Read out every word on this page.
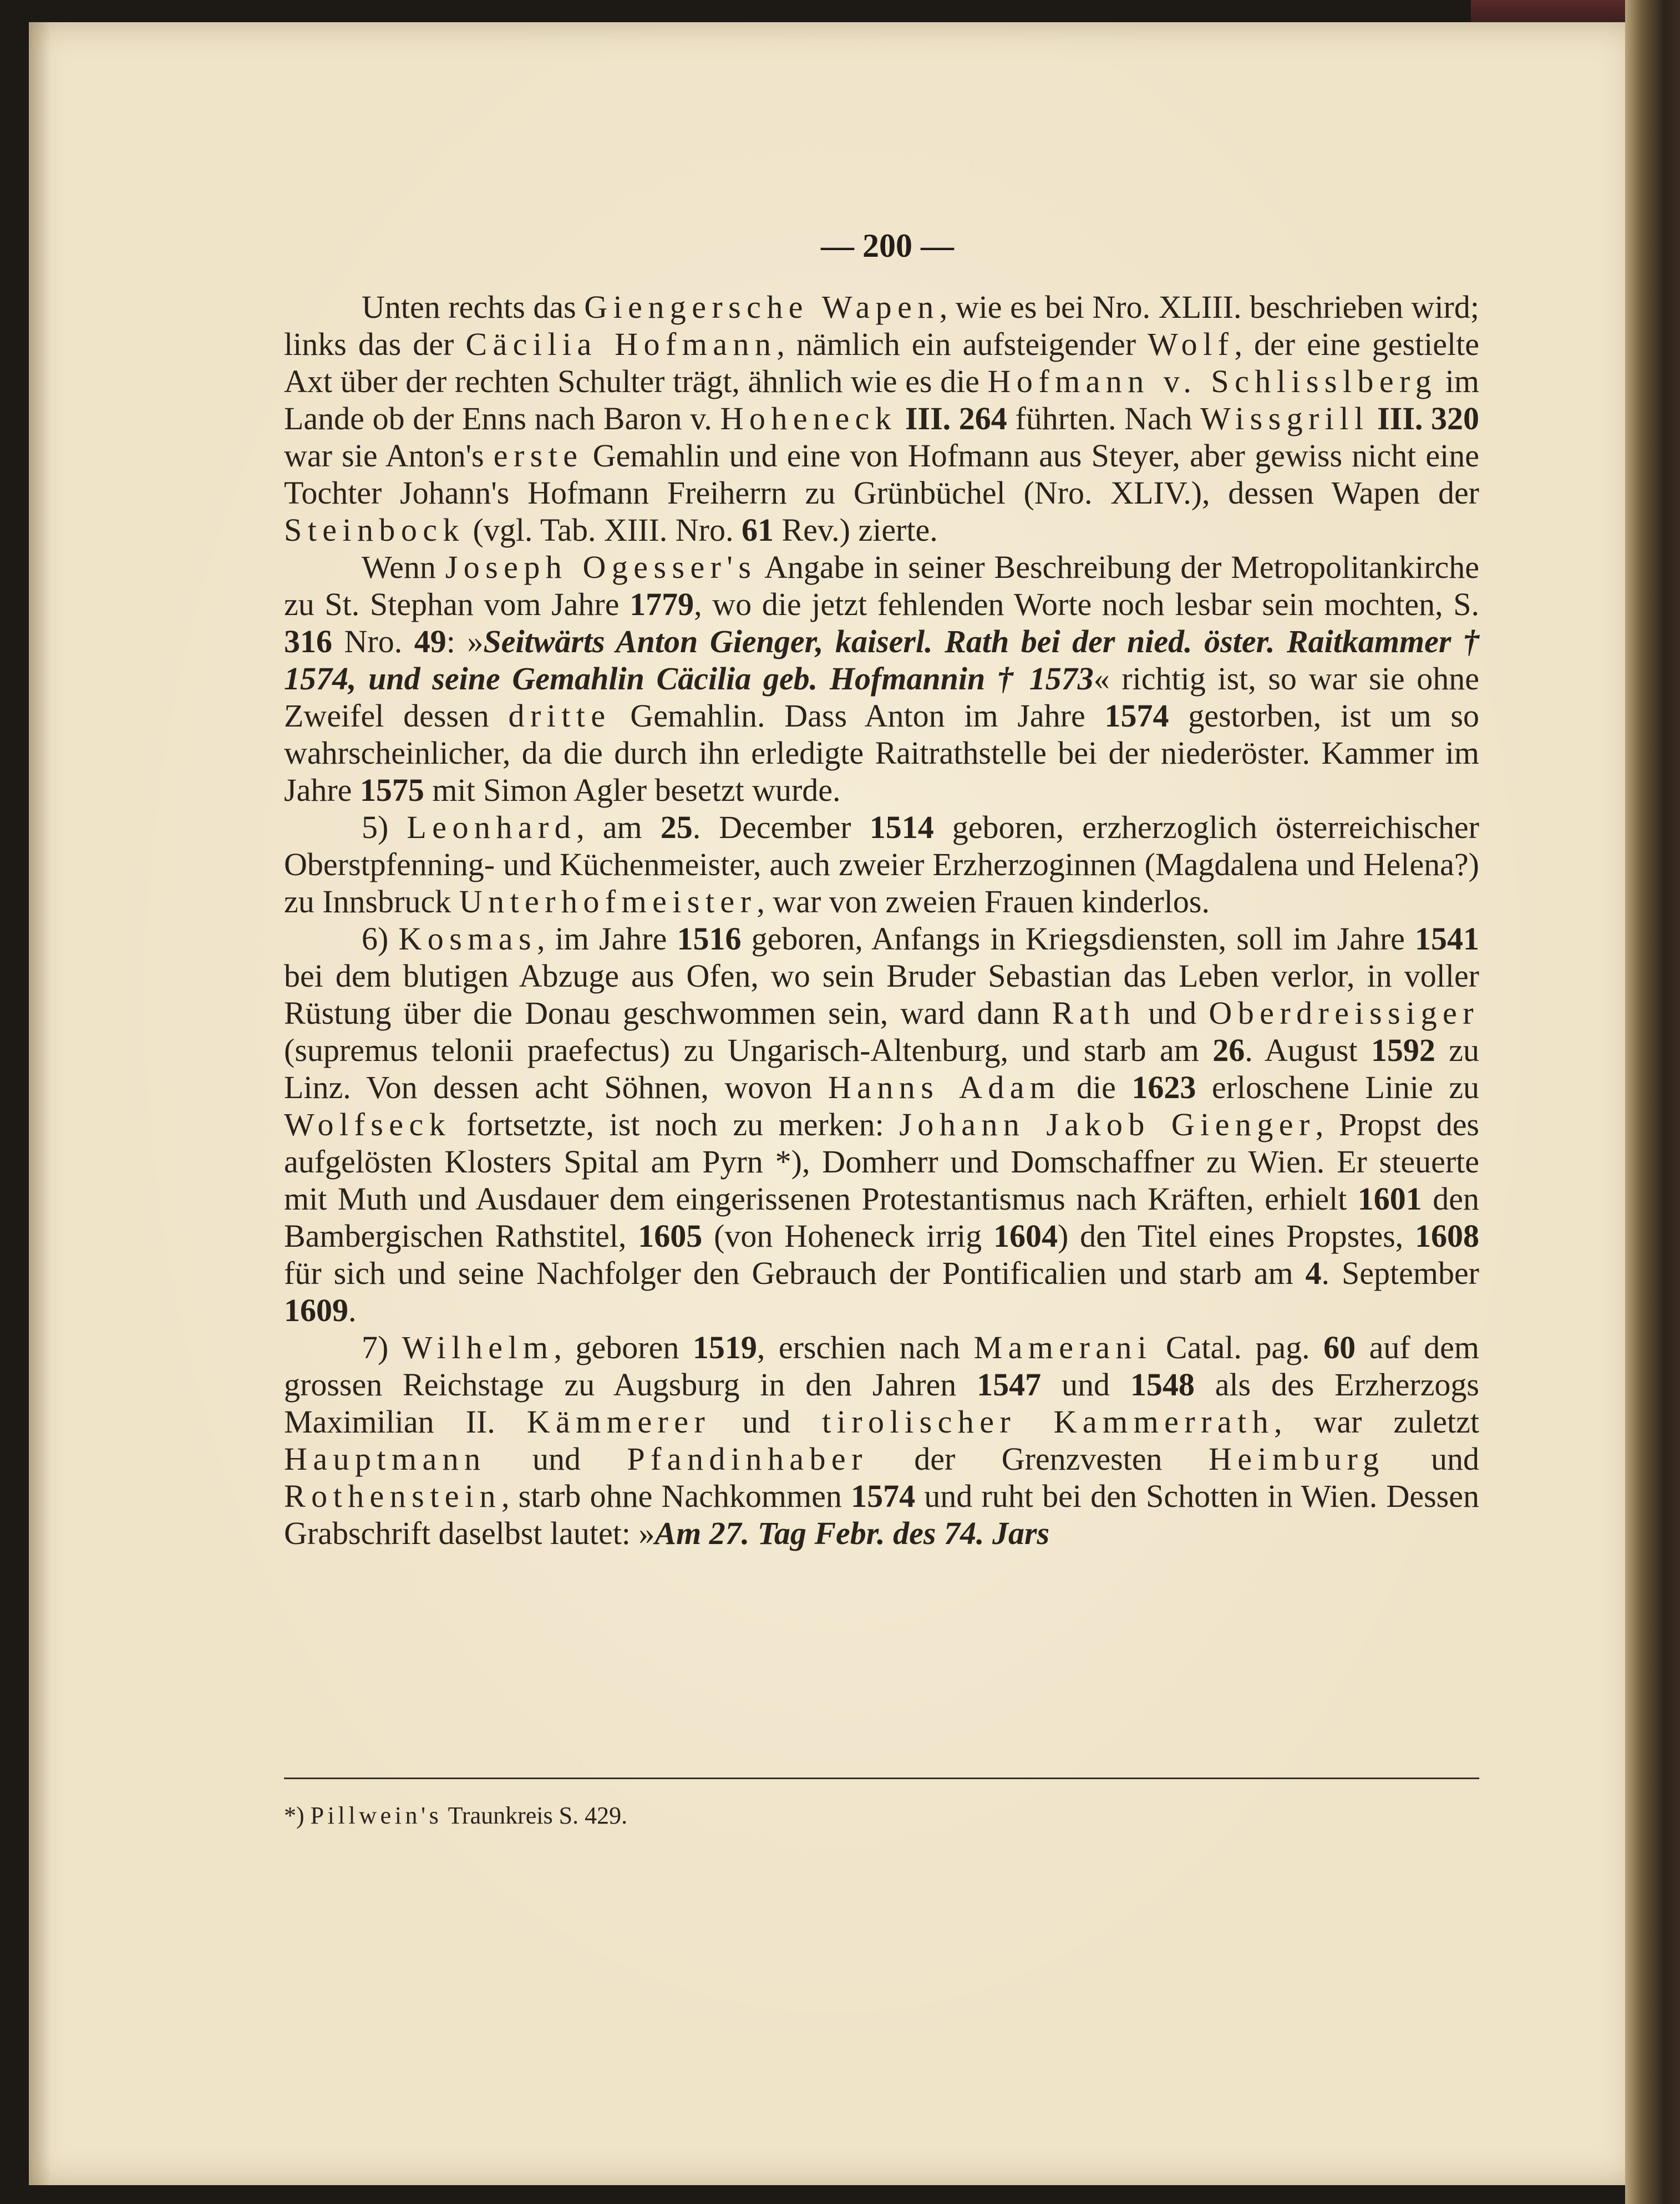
— 200 —

Unten rechts das Giengersche Wapen, wie es bei Nro. XLIII. beschrieben wird; links das der Cäcilia Hofmann, nämlich ein aufsteigender Wolf, der eine gestielte Axt über der rechten Schulter trägt, ähnlich wie es die Hofmann v. Schlisslberg im Lande ob der Enns nach Baron v. Hoheneck III. 264 führten. Nach Wissgrill III. 320 war sie Anton's erste Gemahlin und eine von Hofmann aus Steyer, aber gewiss nicht eine Tochter Johann's Hofmann Freiherrn zu Grünbüchel (Nro. XLIV.), dessen Wapen der Steinbock (vgl. Tab. XIII. Nro. 61 Rev.) zierte.

Wenn Joseph Ogesser's Angabe in seiner Beschreibung der Metropolitankirche zu St. Stephan vom Jahre 1779, wo die jetzt fehlenden Worte noch lesbar sein mochten, S. 316 Nro. 49: »Seitwärts Anton Gienger, kaiserl. Rath bei der nied. öster. Raitkammer † 1574, und seine Gemahlin Cäcilia geb. Hofmannin † 1573« richtig ist, so war sie ohne Zweifel dessen dritte Gemahlin. Dass Anton im Jahre 1574 gestorben, ist um so wahrscheinlicher, da die durch ihn erledigte Raitrathstelle bei der niederöster. Kammer im Jahre 1575 mit Simon Agler besetzt wurde.

5) Leonhard, am 25. December 1514 geboren, erzherzoglich österreichischer Oberstpfenning- und Küchenmeister, auch zweier Erzherzoginnen (Magdalena und Helena?) zu Innsbruck Unterhofmeister, war von zweien Frauen kinderlos.

6) Kosmas, im Jahre 1516 geboren, Anfangs in Kriegsdiensten, soll im Jahre 1541 bei dem blutigen Abzuge aus Ofen, wo sein Bruder Sebastian das Leben verlor, in voller Rüstung über die Donau geschwommen sein, ward dann Rath und Oberdreissiger (supremus telonii praefectus) zu Ungarisch-Altenburg, und starb am 26. August 1592 zu Linz. Von dessen acht Söhnen, wovon Hanns Adam die 1623 erloschene Linie zu Wolfseck fortsetzte, ist noch zu merken: Johann Jakob Gienger, Propst des aufgelösten Klosters Spital am Pyrn *), Domherr und Domschaffner zu Wien. Er steuerte mit Muth und Ausdauer dem eingerissenen Protestantismus nach Kräften, erhielt 1601 den Bambergischen Rathstitel, 1605 (von Hoheneck irrig 1604) den Titel eines Propstes, 1608 für sich und seine Nachfolger den Gebrauch der Pontificalien und starb am 4. September 1609.

7) Wilhelm, geboren 1519, erschien nach Mamerani Catal. pag. 60 auf dem grossen Reichstage zu Augsburg in den Jahren 1547 und 1548 als des Erzherzogs Maximilian II. Kämmerer und tirolischer Kammerrath, war zuletzt Hauptmann und Pfandinhaber der Grenzvesten Heimburg und Rothenstein, starb ohne Nachkommen 1574 und ruht bei den Schotten in Wien. Dessen Grabschrift daselbst lautet: »Am 27. Tag Febr. des 74. Jars

*) Pillwein's Traunkreis S. 429.
